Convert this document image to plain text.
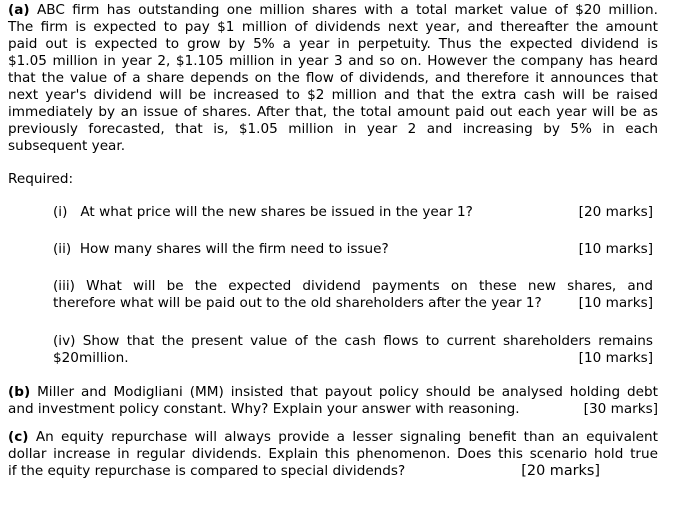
(a) ABC firm has outstanding one million shares with a total market value of $20 million.
The firm is expected to pay $1 million of dividends next year, and thereafter the amount
paid out is expected to grow by 5% a year in perpetuity. Thus the expected dividend is
$1.05 million in year 2, $1.105 million in year 3 and so on. However the company has heard
that the value of a share depends on the flow of dividends, and therefore it announces that
next year's dividend will be increased to $2 million and that the extra cash will be raised
immediately by an issue of shares. After that, the total amount paid out each year will be as
previously forecasted, that is, $1.05 million in year 2 and increasing by 5% in each
subsequent year.
Required:
(i) At what price will the new shares be issued in the year 1?	[20 marks]
(ii) How many shares will the firm need to issue?	[10 marks]
(iii) What will be the expected dividend payments on these new shares, and
therefore what will be paid out to the old shareholders after the year 1?	[10 marks]
(iv) Show that the present value of the cash flows to current shareholders remains
$20million.	[10 marks]
(b) Miller and Modigliani (MM) insisted that payout policy should be analysed holding debt
and investment policy constant. Why? Explain your answer with reasoning.	[30 marks]
(c) An equity repurchase will always provide a lesser signaling benefit than an equivalent
dollar increase in regular dividends. Explain this phenomenon. Does this scenario hold true
if the equity repurchase is compared to special dividends?	[20 marks]
